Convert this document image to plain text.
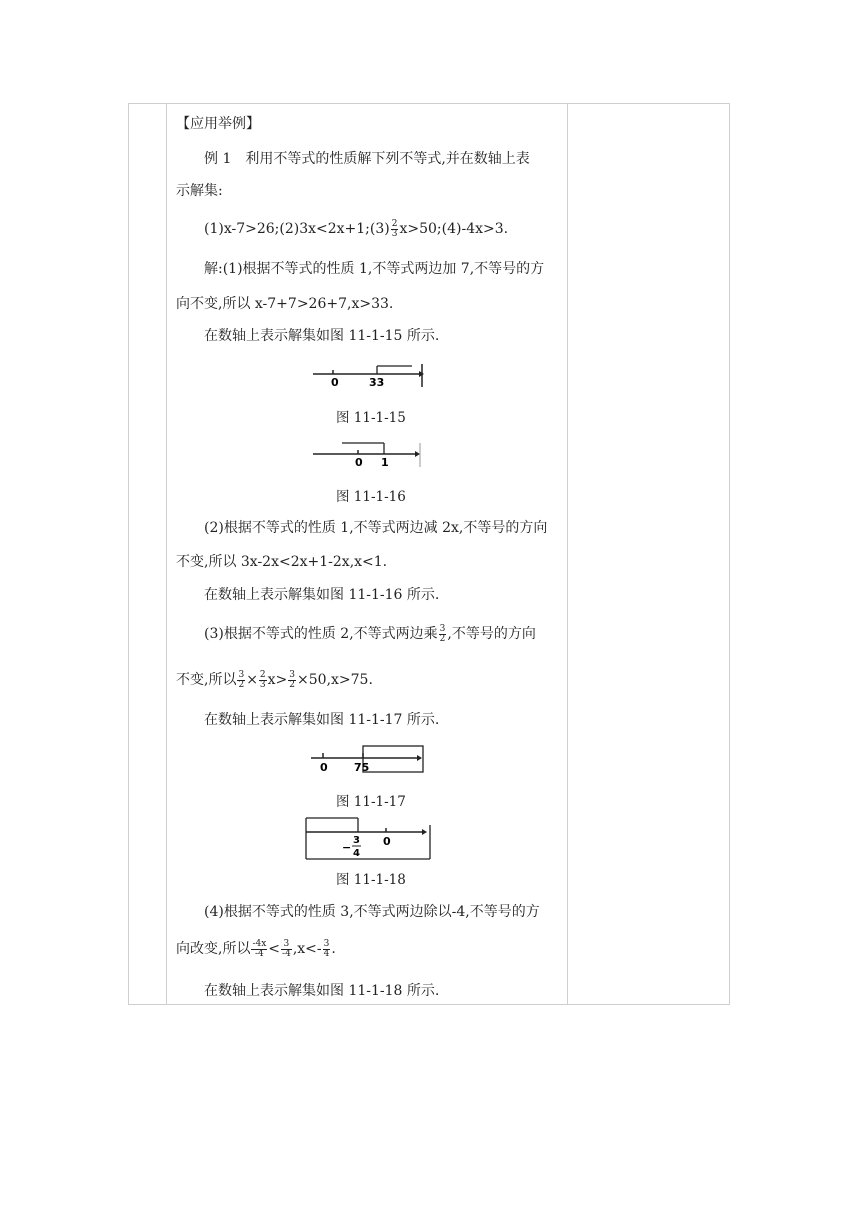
【应用举例】
例 1　利用不等式的性质解下列不等式,并在数轴上表
示解集:
(1)x-7>26;(2)3x<2x+1;(3) $\frac{2}{3}$ x>50;(4)-4x>3.
解:(1)根据不等式的性质 1,不等式两边加 7,不等号的方
向不变,所以 x-7+7>26+7,x>33.
在数轴上表示解集如图 11-1-15 所示.
0	33
图 11-1-15
0 1
图 11-1-16
(2)根据不等式的性质 1,不等式两边减 2x,不等号的方向
不变,所以 3x-2x<2x+1-2x,x<1.
在数轴上表示解集如图 11-1-16 所示.
(3)根据不等式的性质 2,不等式两边乘 $\frac{3}{2}$ ,不等号的方向
不变,所以 $\frac{3}{2} \times \frac{2}{3} x> \frac{3}{2} \times 50,x>75$.
在数轴上表示解集如图 11-1-17 所示.
0 75
图 11-1-17
−
3
4
0
图 11-1-18
(4)根据不等式的性质 3,不等式两边除以-4,不等号的方
向改变,所以 $\frac{-4x}{-4} < \frac{3}{-4} ,x<- \frac{3}{4}$ .
在数轴上表示解集如图 11-1-18 所示.
